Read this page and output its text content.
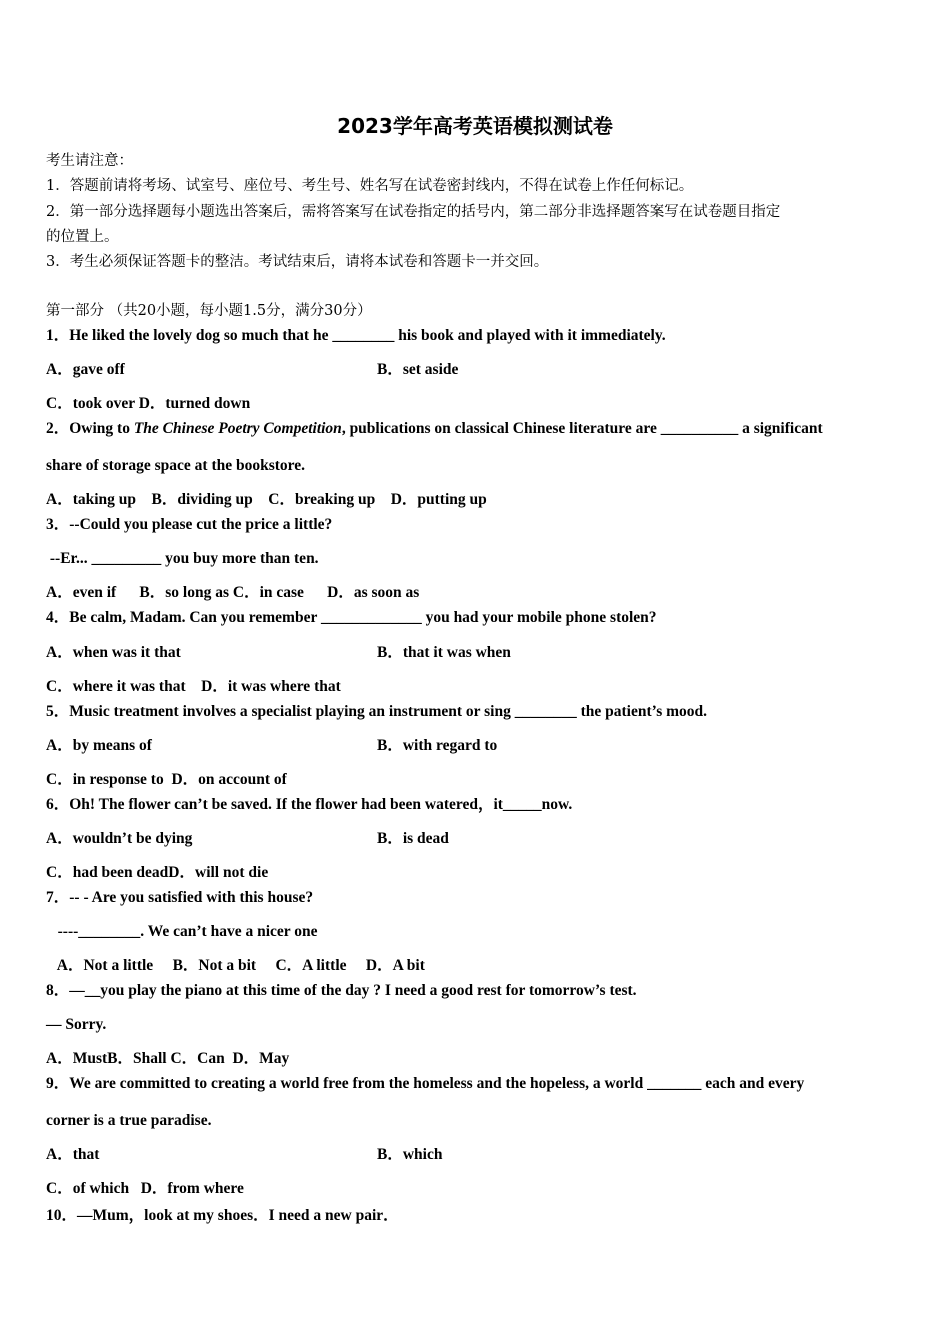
2023学年高考英语模拟测试卷
考生请注意：
1．答题前请将考场、试室号、座位号、考生号、姓名写在试卷密封线内，不得在试卷上作任何标记。
2．第一部分选择题每小题选出答案后，需将答案写在试卷指定的括号内，第二部分非选择题答案写在试卷题目指定
的位置上。
3．考生必须保证答题卡的整洁。考试结束后，请将本试卷和答题卡一并交回。
第一部分 （共20小题，每小题1.5分，满分30分）
1．He liked the lovely dog so much that he ________ his book and played with it immediately.
A．gave off	B．set aside
C．took over D．turned down
2．Owing to The Chinese Poetry Competition, publications on classical Chinese literature are __________ a significant
share of storage space at the bookstore.
A．taking up    B．dividing up    C．breaking up    D．putting up
3．--Could you please cut the price a little?
--Er... _________ you buy more than ten.
A．even if      B．so long as C．in case      D．as soon as
4．Be calm, Madam. Can you remember _____________ you had your mobile phone stolen?
A．when was it that	B．that it was when
C．where it was that    D．it was where that
5．Music treatment involves a specialist playing an instrument or sing ________ the patient’s mood.
A．by means of	B．with regard to
C．in response to  D．on account of
6．Oh! The flower can’t be saved. If the flower had been watered，it_____now.
A．wouldn’t be dying	B．is dead
C．had been deadD．will not die
7．-- - Are you satisfied with this house?
----________. We can’t have a nicer one
A．Not a little     B．Not a bit     C．A little     D．A bit
8．—__you play the piano at this time of the day ? I need a good rest for tomorrow’s test.
— Sorry.
A．MustB．Shall C．Can  D．May
9．We are committed to creating a world free from the homeless and the hopeless, a world _______ each and every
corner is a true paradise.
A．that	B．which
C．of which   D．from where
10．—Mum，look at my shoes．I need a new pair．
